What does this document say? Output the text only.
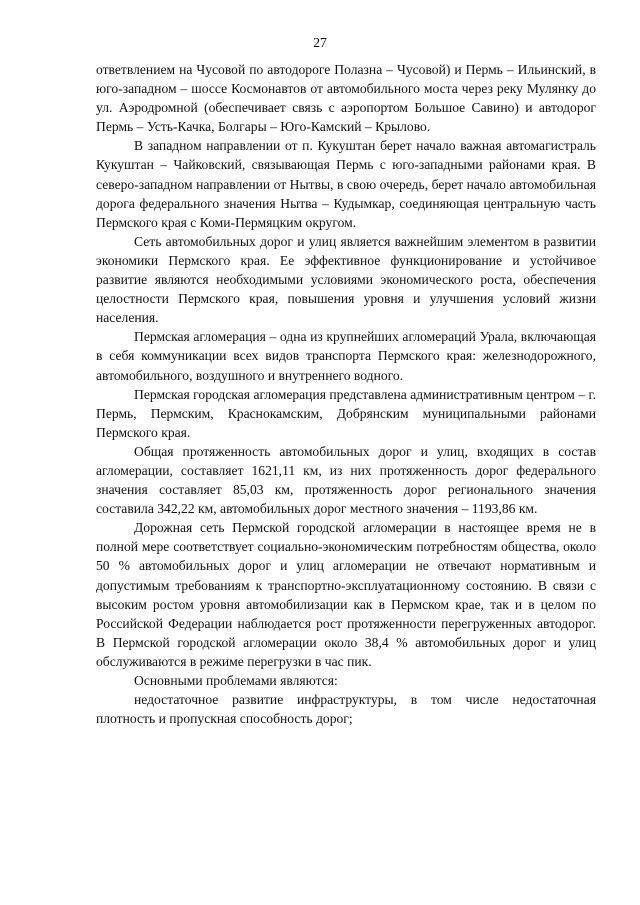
27

ответвлением на Чусовой по автодороге Полазна – Чусовой) и Пермь – Ильинский, в юго-западном – шоссе Космонавтов от автомобильного моста через реку Мулянку до ул. Аэродромной (обеспечивает связь с аэропортом Большое Савино) и автодорог Пермь – Усть-Качка, Болгары – Юго-Камский – Крылово.

В западном направлении от п. Кукуштан берет начало важная автомагистраль Кукуштан – Чайковский, связывающая Пермь с юго-западными районами края. В северо-западном направлении от Нытвы, в свою очередь, берет начало автомобильная дорога федерального значения Нытва – Кудымкар, соединяющая центральную часть Пермского края с Коми-Пермяцким округом.

Сеть автомобильных дорог и улиц является важнейшим элементом в развитии экономики Пермского края. Ее эффективное функционирование и устойчивое развитие являются необходимыми условиями экономического роста, обеспечения целостности Пермского края, повышения уровня и улучшения условий жизни населения.

Пермская агломерация – одна из крупнейших агломераций Урала, включающая в себя коммуникации всех видов транспорта Пермского края: железнодорожного, автомобильного, воздушного и внутреннего водного.

Пермская городская агломерация представлена административным центром – г. Пермь, Пермским, Краснокамским, Добрянским муниципальными районами Пермского края.

Общая протяженность автомобильных дорог и улиц, входящих в состав агломерации, составляет 1621,11 км, из них протяженность дорог федерального значения составляет 85,03 км, протяженность дорог регионального значения составила 342,22 км, автомобильных дорог местного значения – 1193,86 км.

Дорожная сеть Пермской городской агломерации в настоящее время не в полной мере соответствует социально-экономическим потребностям общества, около 50 % автомобильных дорог и улиц агломерации не отвечают нормативным и допустимым требованиям к транспортно-эксплуатационному состоянию. В связи с высоким ростом уровня автомобилизации как в Пермском крае, так и в целом по Российской Федерации наблюдается рост протяженности перегруженных автодорог. В Пермской городской агломерации около 38,4 % автомобильных дорог и улиц обслуживаются в режиме перегрузки в час пик.

Основными проблемами являются:

недостаточное развитие инфраструктуры, в том числе недостаточная плотность и пропускная способность дорог;
